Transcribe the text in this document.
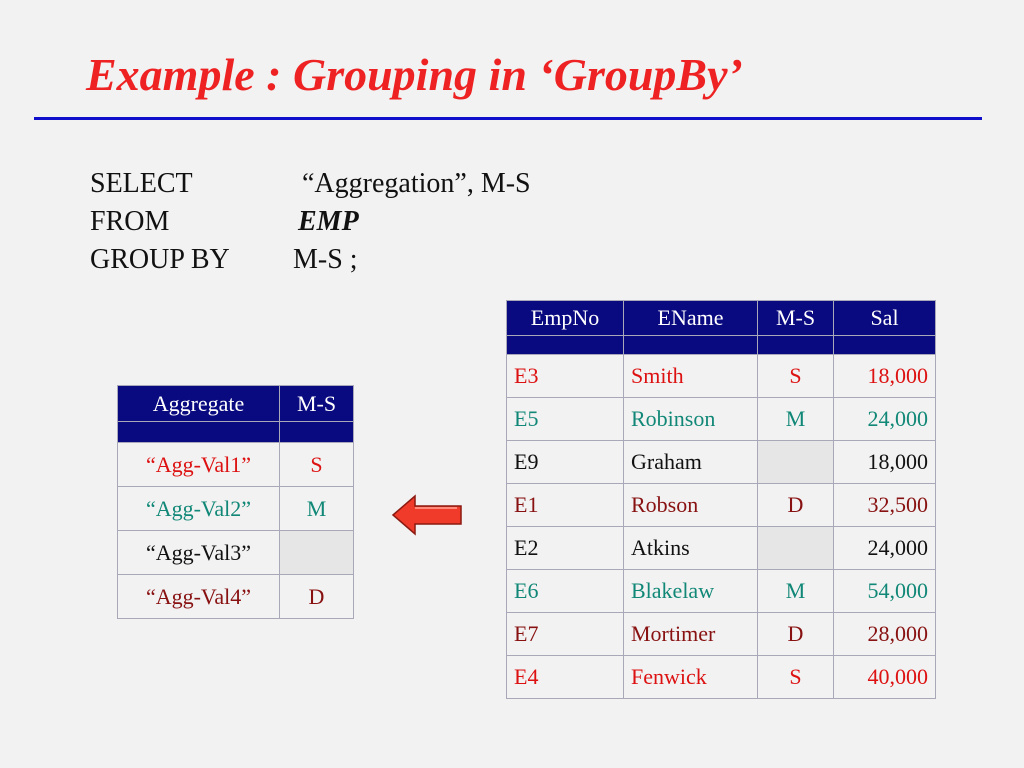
Example : Grouping in ‘GroupBy’
SELECT	“Aggregation”, M-S
FROM	EMP
GROUP BY M-S ;
EmpNo	EName	M-S	Sal

E3	Smith	S	18,000
E5	Robinson	M	24,000
E9	Graham		18,000
E1	Robson	D	32,500
E2	Atkins		24,000
E6	Blakelaw	M	54,000
E7	Mortimer	D	28,000
E4	Fenwick	S	40,000
Aggregate	M-S

“Agg-Val1”	S
“Agg-Val2”	M
“Agg-Val3”	
“Agg-Val4”	D
